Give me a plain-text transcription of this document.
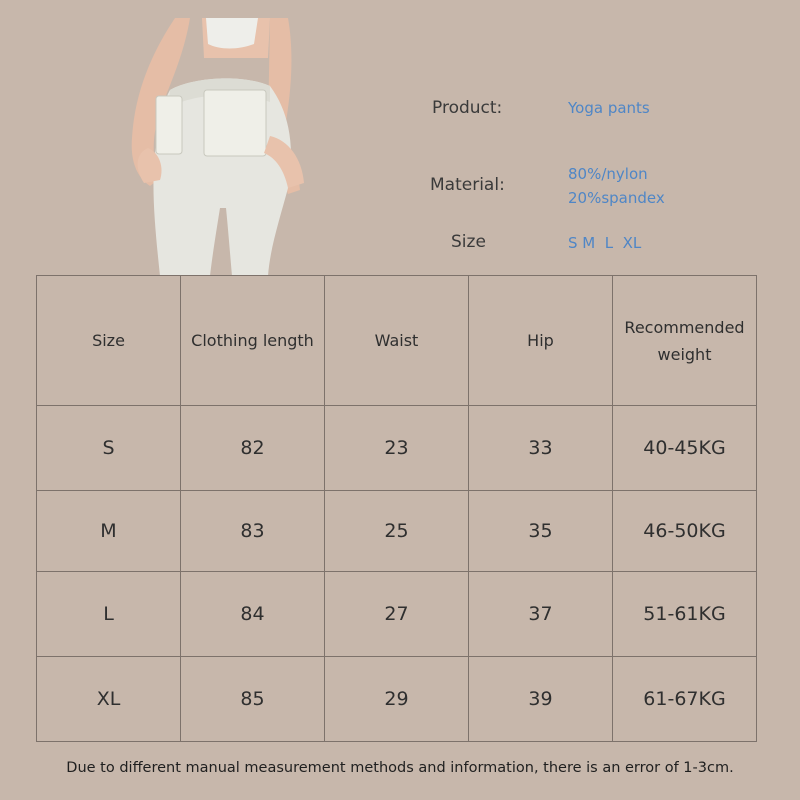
Product:	Yoga pants
Material:
80%/nylon
20%spandex
Size	S M  L  XL
Size	Clothing length	Waist	Hip	Recommended weight
S	82	23	33	40-45KG
M	83	25	35	46-50KG
L	84	27	37	51-61KG
XL	85	29	39	61-67KG
Due to different manual measurement methods and information, there is an error of 1-3cm.
